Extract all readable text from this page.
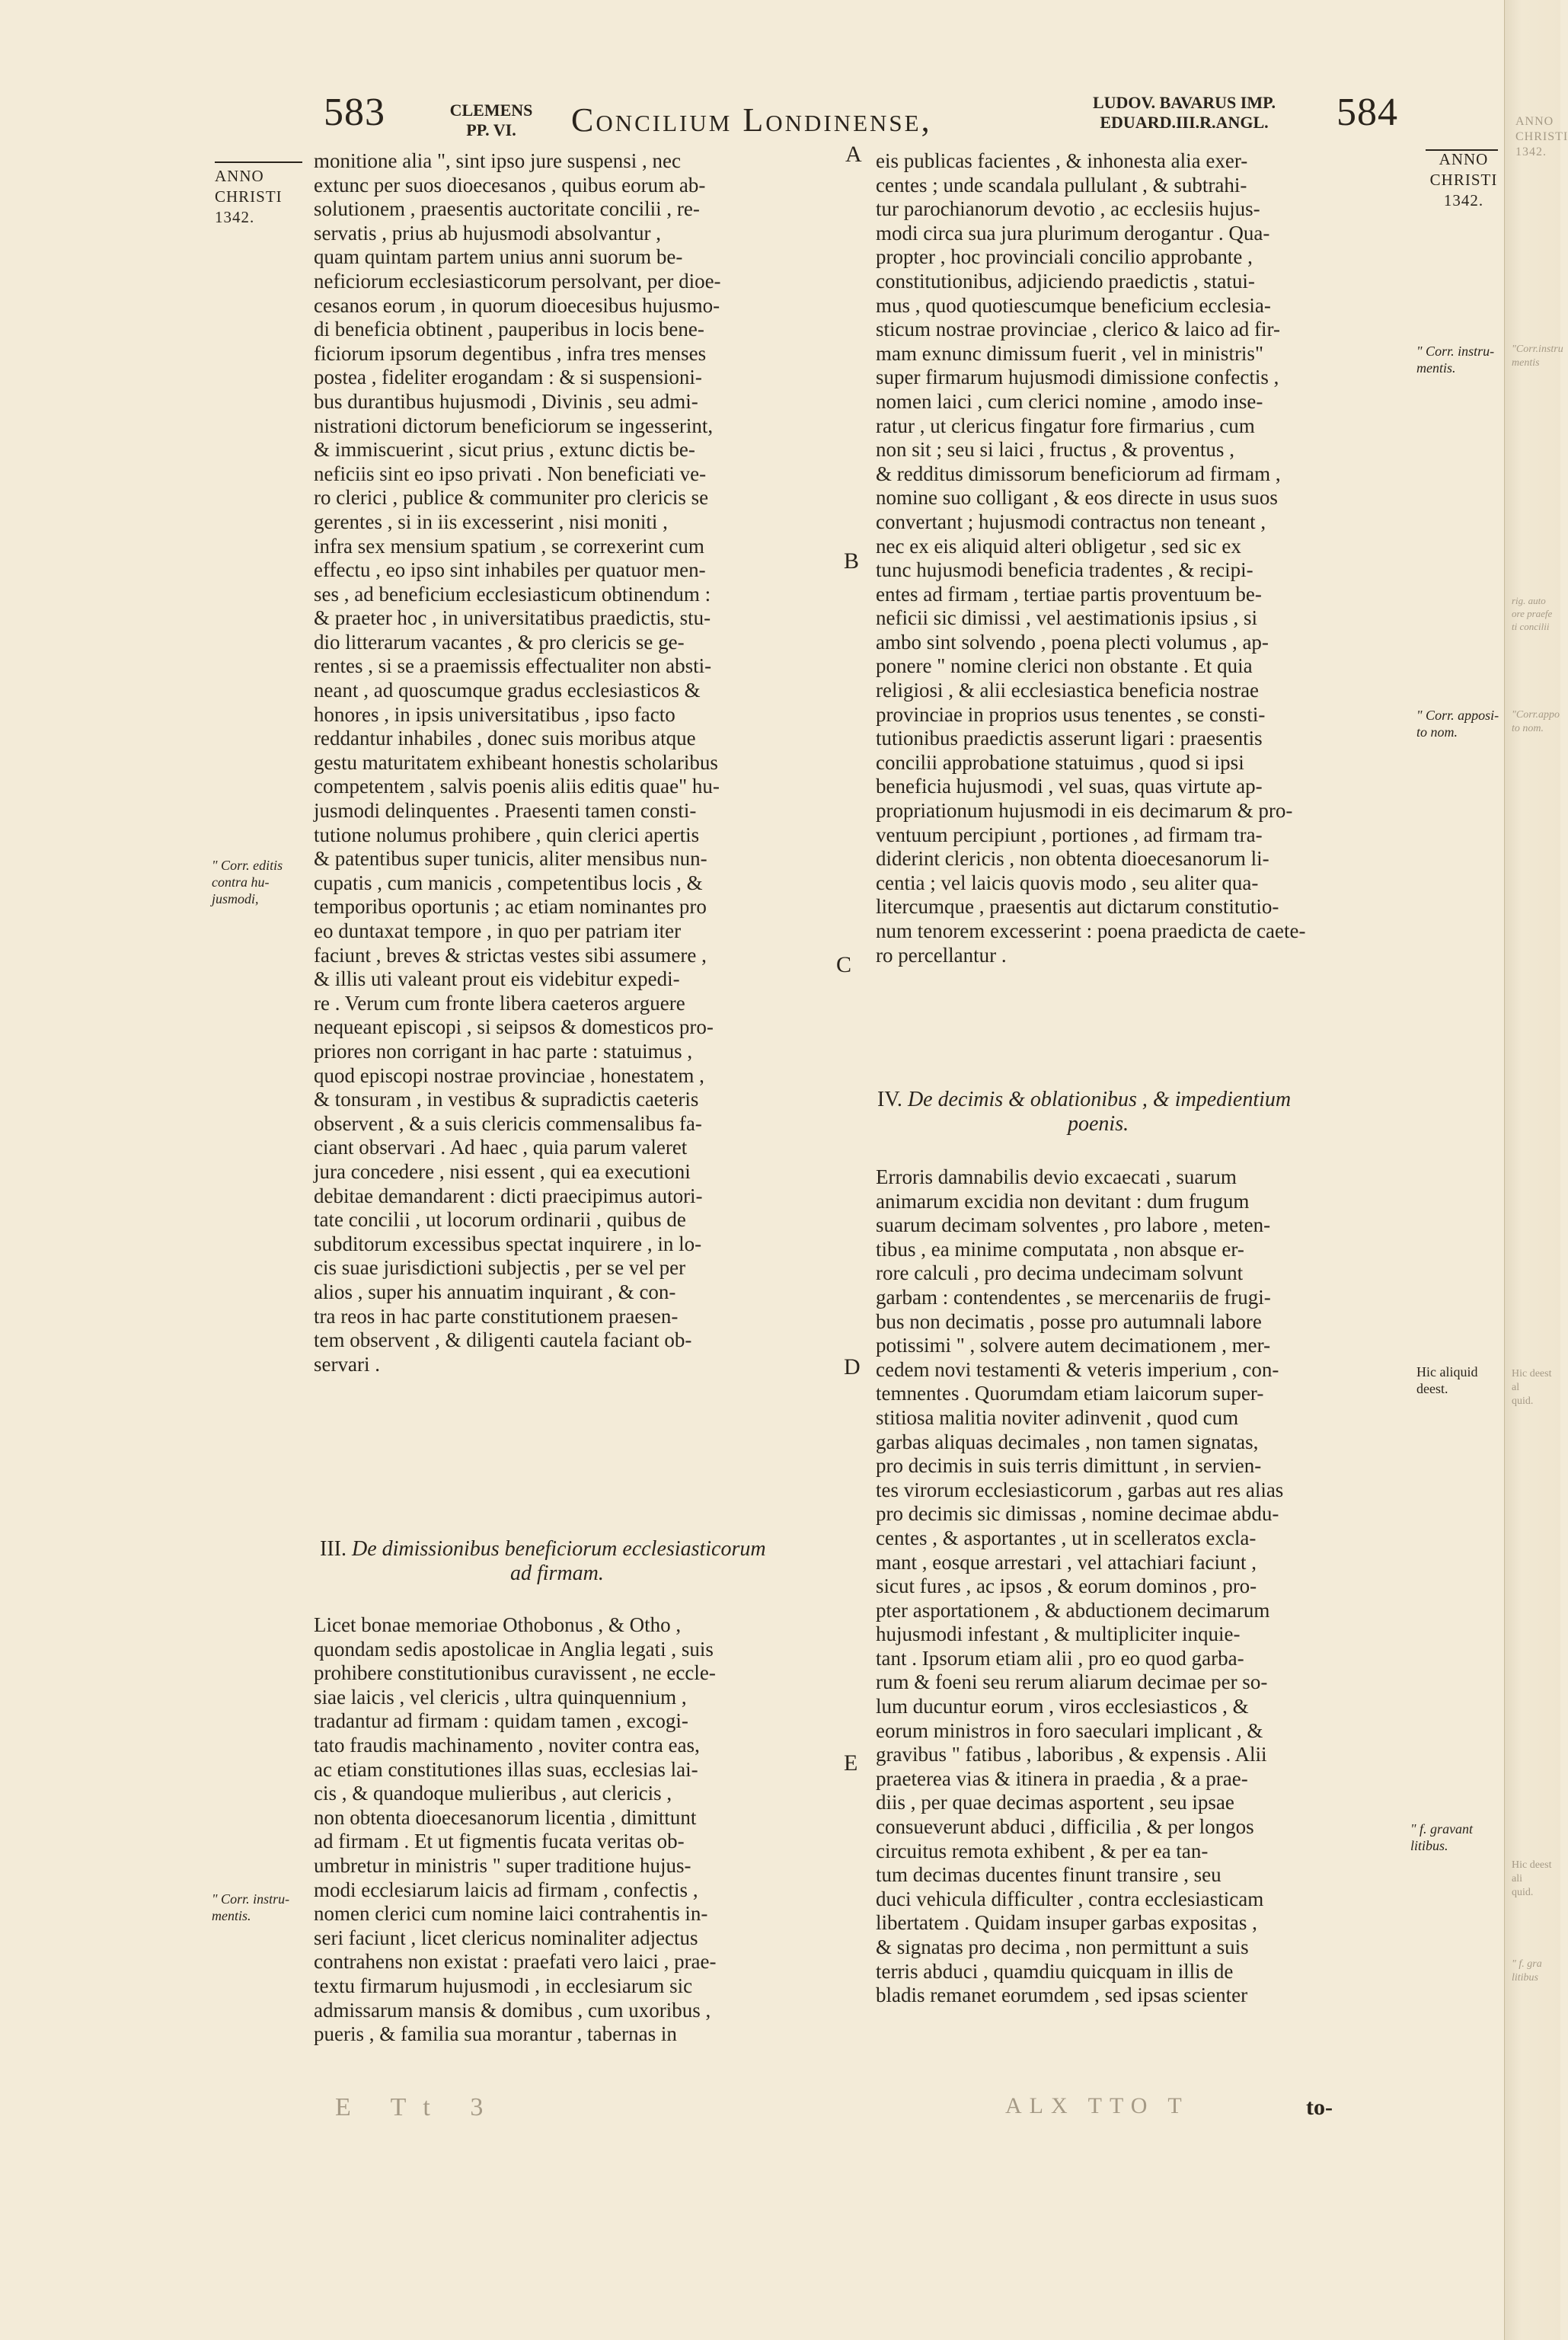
583	CLEMENS
PP. VI.	Concilium Londinense,	LUDOV. BAVARUS IMP.
EDUARD.III.R.ANGL.	584
ANNO
CHRISTI
1342.
ANNO
CHRISTI
1342.
ANNO
CHRISTI
1342.
" Corr. editis
contra hu-
jusmodi,
" Corr. instru-
mentis.
" Corr. instru-
mentis.
" Corr. apposi-
to nom.
Hic aliquid
deest.
" f. gravant
litibus.
"Corr.instru
mentis
rig. auto
ore praefe
ti concilii
"Corr.appo
to nom.
Hic deest al
quid.
Hic deest ali
quid.
" f. gra
litibus
A
B
C
D
E
monitione alia ", sint ipso jure suspensi , nec
extunc per suos dioecesanos , quibus eorum ab-
solutionem , praesentis auctoritate concilii , re-
servatis , prius ab hujusmodi absolvantur ,
quam quintam partem unius anni suorum be-
neficiorum ecclesiasticorum persolvant, per dioe-
cesanos eorum , in quorum dioecesibus hujusmo-
di beneficia obtinent , pauperibus in locis bene-
ficiorum ipsorum degentibus , infra tres menses
postea , fideliter erogandam : & si suspensioni-
bus durantibus hujusmodi , Divinis , seu admi-
nistrationi dictorum beneficiorum se ingesserint,
& immiscuerint , sicut prius , extunc dictis be-
neficiis sint eo ipso privati . Non beneficiati ve-
ro clerici , publice & communiter pro clericis se
gerentes , si in iis excesserint , nisi moniti ,
infra sex mensium spatium , se correxerint cum
effectu , eo ipso sint inhabiles per quatuor men-
ses , ad beneficium ecclesiasticum obtinendum :
& praeter hoc , in universitatibus praedictis, stu-
dio litterarum vacantes , & pro clericis se ge-
rentes , si se a praemissis effectualiter non absti-
neant , ad quoscumque gradus ecclesiasticos &
honores , in ipsis universitatibus , ipso facto
reddantur inhabiles , donec suis moribus atque
gestu maturitatem exhibeant honestis scholaribus
competentem , salvis poenis aliis editis quae" hu-
jusmodi delinquentes . Praesenti tamen consti-
tutione nolumus prohibere , quin clerici apertis
& patentibus super tunicis, aliter mensibus nun-
cupatis , cum manicis , competentibus locis , &
temporibus oportunis ; ac etiam nominantes pro
eo duntaxat tempore , in quo per patriam iter
faciunt , breves & strictas vestes sibi assumere ,
& illis uti valeant prout eis videbitur expedi-
re . Verum cum fronte libera caeteros arguere
nequeant episcopi , si seipsos & domesticos pro-
priores non corrigant in hac parte : statuimus ,
quod episcopi nostrae provinciae , honestatem ,
& tonsuram , in vestibus & supradictis caeteris
observent , & a suis clericis commensalibus fa-
ciant observari . Ad haec , quia parum valeret
jura concedere , nisi essent , qui ea executioni
debitae demandarent : dicti praecipimus autori-
tate concilii , ut locorum ordinarii , quibus de
subditorum excessibus spectat inquirere , in lo-
cis suae jurisdictioni subjectis , per se vel per
alios , super his annuatim inquirant , & con-
tra reos in hac parte constitutionem praesen-
tem observent , & diligenti cautela faciant ob-
servari .
III. De dimissionibus beneficiorum ecclesiasticorum
ad firmam.
Licet bonae memoriae Othobonus , & Otho ,
quondam sedis apostolicae in Anglia legati , suis
prohibere constitutionibus curavissent , ne eccle-
siae laicis , vel clericis , ultra quinquennium ,
tradantur ad firmam : quidam tamen , excogi-
tato fraudis machinamento , noviter contra eas,
ac etiam constitutiones illas suas, ecclesias lai-
cis , & quandoque mulieribus , aut clericis ,
non obtenta dioecesanorum licentia , dimittunt
ad firmam . Et ut figmentis fucata veritas ob-
umbretur in ministris " super traditione hujus-
modi ecclesiarum laicis ad firmam , confectis ,
nomen clerici cum nomine laici contrahentis in-
seri faciunt , licet clericus nominaliter adjectus
contrahens non existat : praefati vero laici , prae-
textu firmarum hujusmodi , in ecclesiarum sic
admissarum mansis & domibus , cum uxoribus ,
pueris , & familia sua morantur , tabernas in
E Tt 3
eis publicas facientes , & inhonesta alia exer-
centes ; unde scandala pullulant , & subtrahi-
tur parochianorum devotio , ac ecclesiis hujus-
modi circa sua jura plurimum derogantur . Qua-
propter , hoc provinciali concilio approbante ,
constitutionibus, adjiciendo praedictis , statui-
mus , quod quotiescumque beneficium ecclesia-
sticum nostrae provinciae , clerico & laico ad fir-
mam exnunc dimissum fuerit , vel in ministris"
super firmarum hujusmodi dimissione confectis ,
nomen laici , cum clerici nomine , amodo inse-
ratur , ut clericus fingatur fore firmarius , cum
non sit ; seu si laici , fructus , & proventus ,
& redditus dimissorum beneficiorum ad firmam ,
nomine suo colligant , & eos directe in usus suos
convertant ; hujusmodi contractus non teneant ,
nec ex eis aliquid alteri obligetur , sed sic ex
tunc hujusmodi beneficia tradentes , & recipi-
entes ad firmam , tertiae partis proventuum be-
neficii sic dimissi , vel aestimationis ipsius , si
ambo sint solvendo , poena plecti volumus , ap-
ponere " nomine clerici non obstante . Et quia
religiosi , & alii ecclesiastica beneficia nostrae
provinciae in proprios usus tenentes , se consti-
tutionibus praedictis asserunt ligari : praesentis
concilii approbatione statuimus , quod si ipsi
beneficia hujusmodi , vel suas, quas virtute ap-
propriationum hujusmodi in eis decimarum & pro-
ventuum percipiunt , portiones , ad firmam tra-
diderint clericis , non obtenta dioecesanorum li-
centia ; vel laicis quovis modo , seu aliter qua-
litercumque , praesentis aut dictarum constitutio-
num tenorem excesserint : poena praedicta de caete-
ro percellantur .
IV. De decimis & oblationibus , & impedientium
poenis.
Erroris damnabilis devio excaecati , suarum
animarum excidia non devitant : dum frugum
suarum decimam solventes , pro labore , meten-
tibus , ea minime computata , non absque er-
rore calculi , pro decima undecimam solvunt
garbam : contendentes , se mercenariis de frugi-
bus non decimatis , posse pro autumnali labore
potissimi " , solvere autem decimationem , mer-
cedem novi testamenti & veteris imperium , con-
temnentes . Quorumdam etiam laicorum super-
stitiosa malitia noviter adinvenit , quod cum
garbas aliquas decimales , non tamen signatas,
pro decimis in suis terris dimittunt , in servien-
tes virorum ecclesiasticorum , garbas aut res alias
pro decimis sic dimissas , nomine decimae abdu-
centes , & asportantes , ut in scelleratos excla-
mant , eosque arrestari , vel attachiari faciunt ,
sicut fures , ac ipsos , & eorum dominos , pro-
pter asportationem , & abductionem decimarum
hujusmodi infestant , & multipliciter inquie-
tant . Ipsorum etiam alii , pro eo quod garba-
rum & foeni seu rerum aliarum decimae per so-
lum ducuntur eorum , viros ecclesiasticos , &
eorum ministros in foro saeculari implicant , &
gravibus " fatibus , laboribus , & expensis . Alii
praeterea vias & itinera in praedia , & a prae-
diis , per quae decimas asportent , seu ipsae
consueverunt abduci , difficilia , & per longos
circuitus remota exhibent , & per ea tan-
tum decimas ducentes finunt transire , seu
duci vehicula difficulter , contra ecclesiasticam
libertatem . Quidam insuper garbas expositas ,
& signatas pro decima , non permittunt a suis
terris abduci , quamdiu quicquam in illis de
bladis remanet eorumdem , sed ipsas scienter
ALX TTO T	to-
